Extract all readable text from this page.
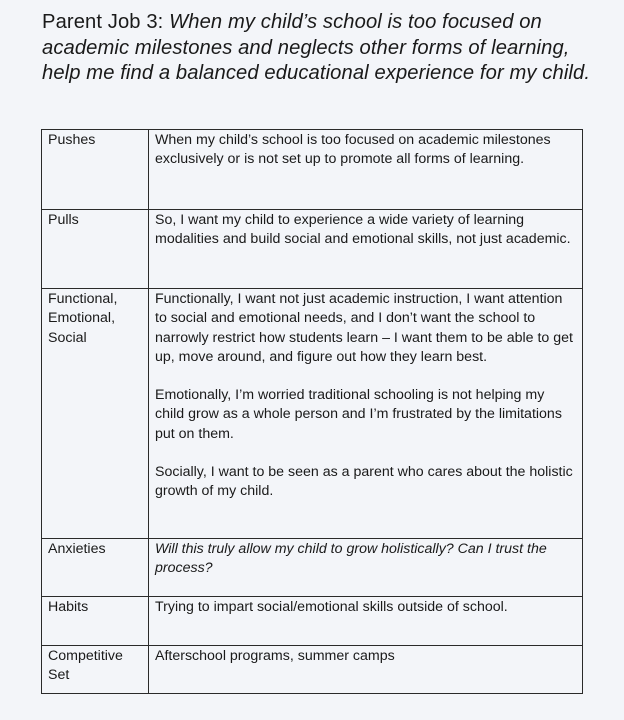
Parent Job 3: When my child’s school is too focused on academic milestones and neglects other forms of learning, help me find a balanced educational experience for my child.
Pushes	When my child’s school is too focused on academic milestones exclusively or is not set up to promote all forms of learning.

Pulls	So, I want my child to experience a wide variety of learning modalities and build social and emotional skills, not just academic.

Functional, Emotional, Social	Functionally, I want not just academic instruction, I want attention to social and emotional needs, and I don’t want the school to narrowly restrict how students learn – I want them to be able to get up, move around, and figure out how they learn best.

Emotionally, I’m worried traditional schooling is not helping my child grow as a whole person and I’m frustrated by the limitations put on them.

Socially, I want to be seen as a parent who cares about the holistic growth of my child.

Anxieties	Will this truly allow my child to grow holistically? Can I trust the process?

Habits	Trying to impart social/emotional skills outside of school.

Competitive Set	Afterschool programs, summer camps
